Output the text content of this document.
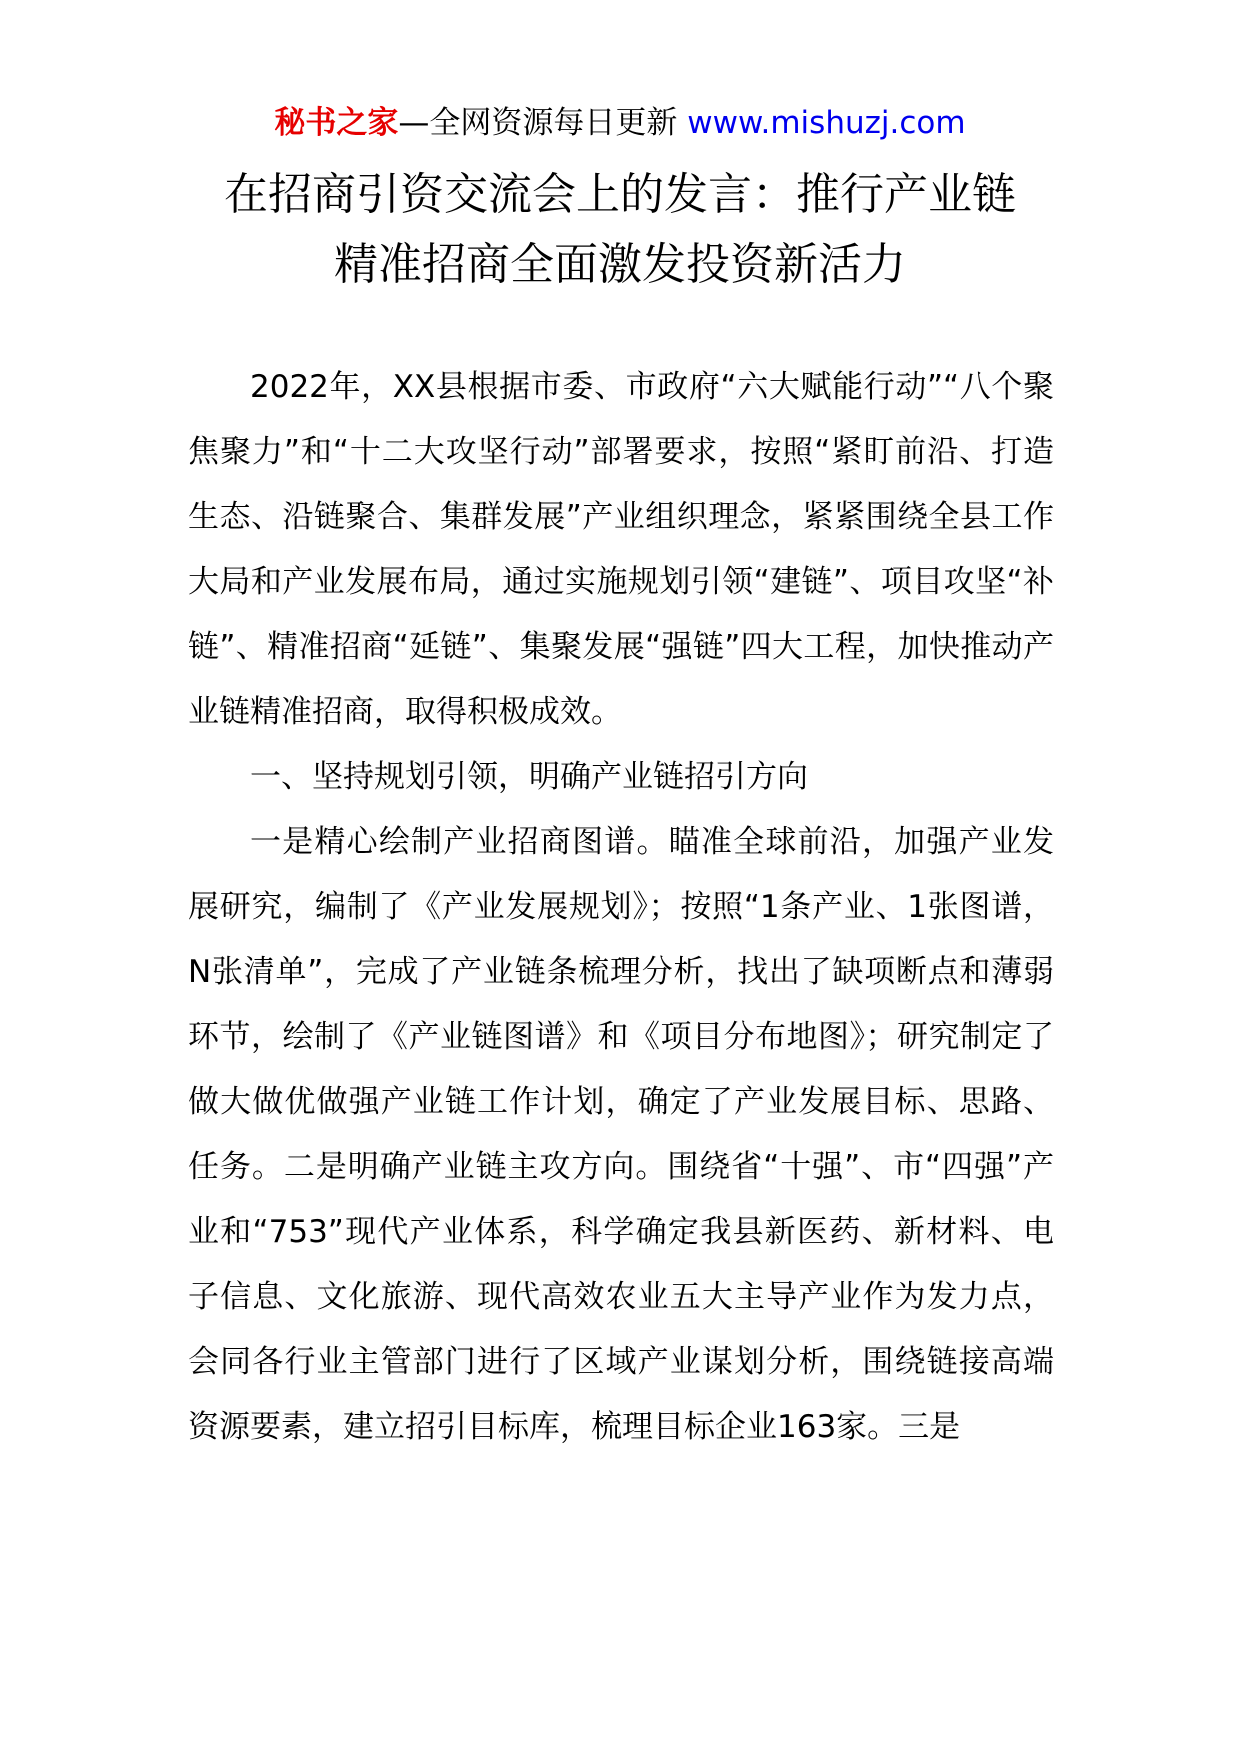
秘书之家—全网资源每日更新 www.mishuzj.com
在招商引资交流会上的发言：推行产业链
精准招商全面激发投资新活力

2022年，XX县根据市委、市政府“六大赋能行动”“八个聚焦聚力”和“十二大攻坚行动”部署要求，按照“紧盯前沿、打造生态、沿链聚合、集群发展”产业组织理念，紧紧围绕全县工作大局和产业发展布局，通过实施规划引领“建链”、项目攻坚“补链”、精准招商“延链”、集聚发展“强链”四大工程，加快推动产业链精准招商，取得积极成效。

一、坚持规划引领，明确产业链招引方向

一是精心绘制产业招商图谱。瞄准全球前沿，加强产业发展研究，编制了《产业发展规划》；按照“1条产业、1张图谱，N张清单”，完成了产业链条梳理分析，找出了缺项断点和薄弱环节，绘制了《产业链图谱》和《项目分布地图》；研究制定了做大做优做强产业链工作计划，确定了产业发展目标、思路、任务。二是明确产业链主攻方向。围绕省“十强”、市“四强”产业和“753”现代产业体系，科学确定我县新医药、新材料、电子信息、文化旅游、现代高效农业五大主导产业作为发力点，会同各行业主管部门进行了区域产业谋划分析，围绕链接高端资源要素，建立招引目标库，梳理目标企业163家。三是
